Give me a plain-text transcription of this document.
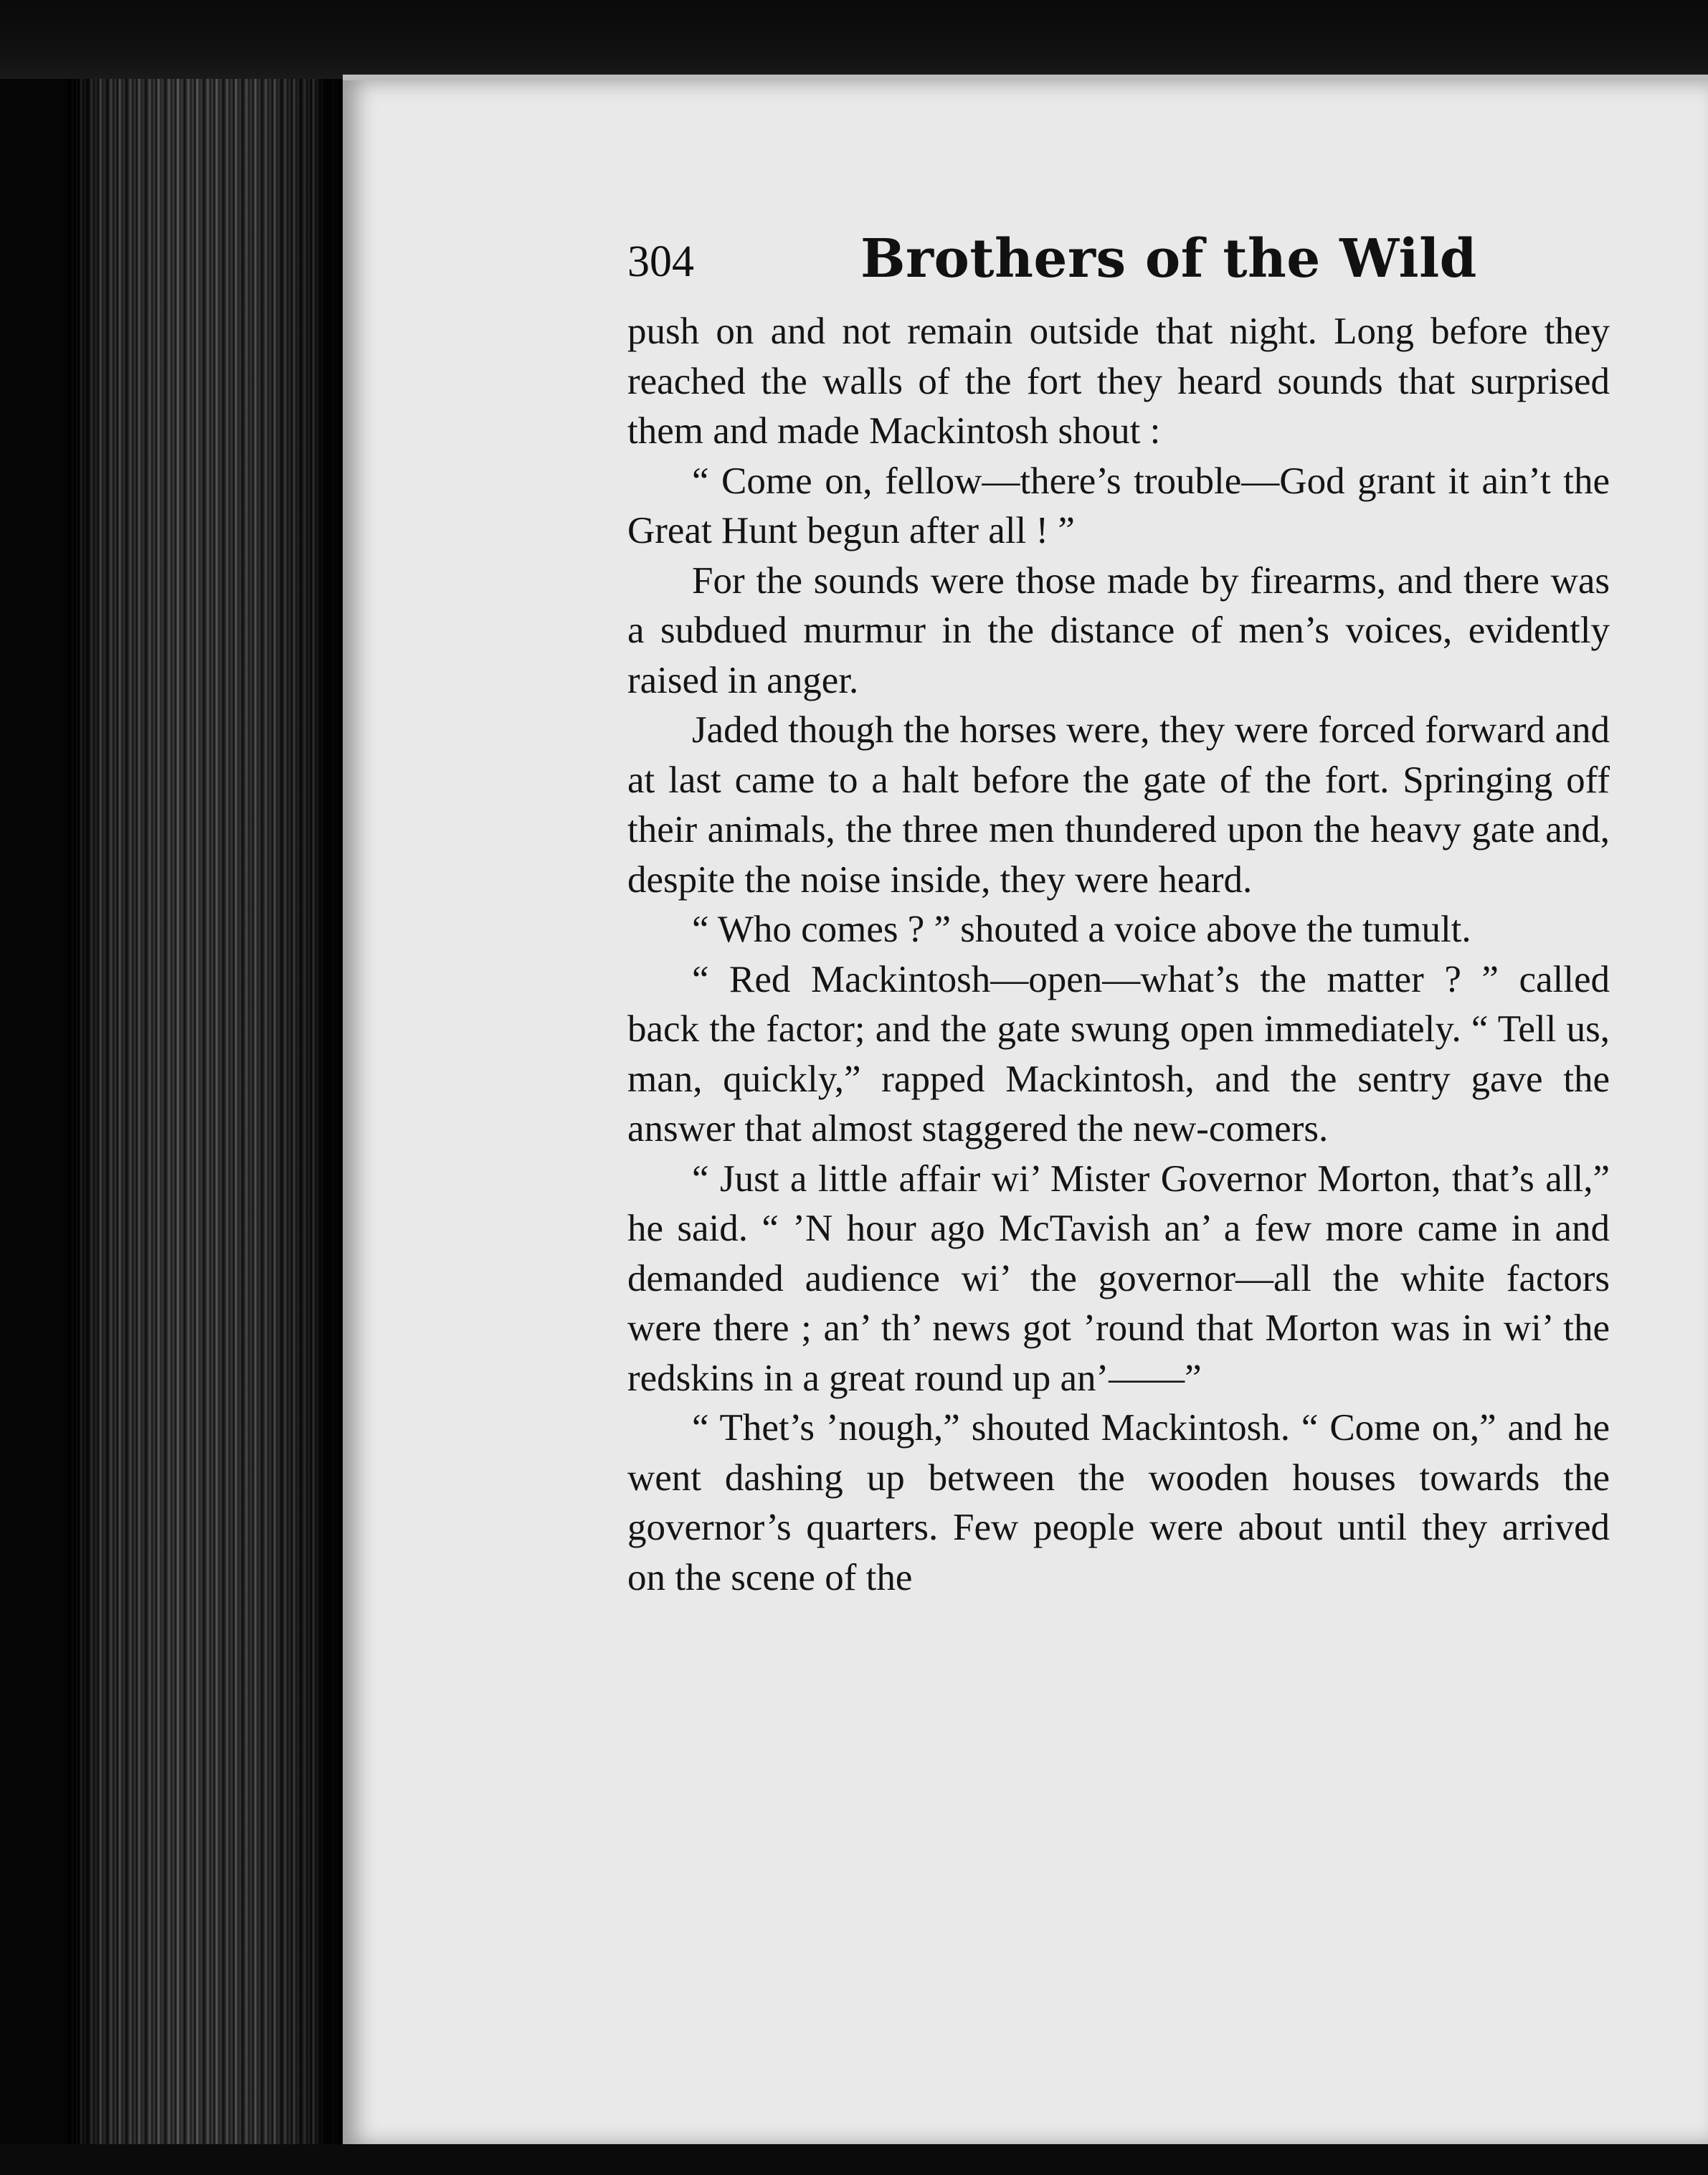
304	Brothers of the Wild

push on and not remain outside that night. Long before they reached the walls of the fort they heard sounds that surprised them and made Mackintosh shout :

“ Come on, fellow—there’s trouble—God grant it ain’t the Great Hunt begun after all ! ”

For the sounds were those made by firearms, and there was a subdued murmur in the distance of men’s voices, evidently raised in anger.

Jaded though the horses were, they were forced forward and at last came to a halt before the gate of the fort. Springing off their animals, the three men thundered upon the heavy gate and, despite the noise inside, they were heard.

“ Who comes ? ” shouted a voice above the tumult.

“ Red Mackintosh—open—what’s the matter ? ” called back the factor; and the gate swung open immediately. “ Tell us, man, quickly,” rapped Mackintosh, and the sentry gave the answer that almost staggered the new-comers.

“ Just a little affair wi’ Mister Governor Morton, that’s all,” he said. “ ’N hour ago McTavish an’ a few more came in and demanded audience wi’ the governor—all the white factors were there ; an’ th’ news got ’round that Morton was in wi’ the redskins in a great round up an’——”

“ Thet’s ’nough,” shouted Mackintosh. “ Come on,” and he went dashing up between the wooden houses towards the governor’s quarters. Few people were about until they arrived on the scene of the
